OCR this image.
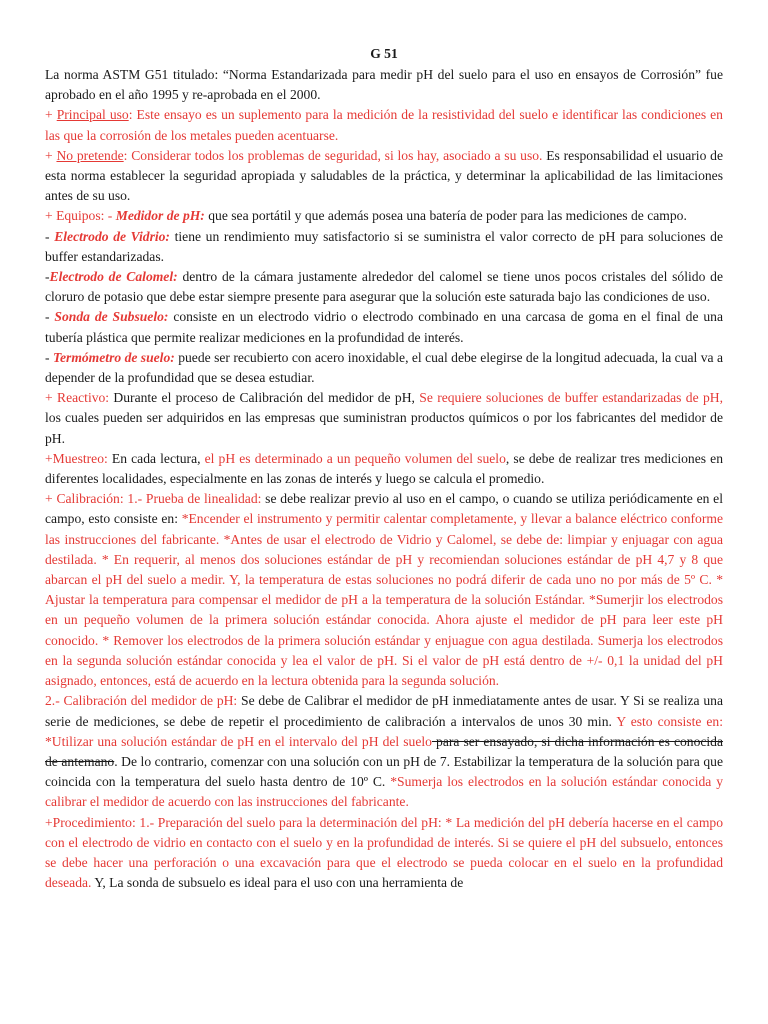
G 51

La norma ASTM G51 titulado: “Norma Estandarizada para medir pH del suelo para el uso en ensayos de Corrosión” fue aprobado en el año 1995 y re-aprobada en el 2000.

+ Principal uso: Este ensayo es un suplemento para la medición de la resistividad del suelo e identificar las condiciones en las que la corrosión de los metales pueden acentuarse.

+ No pretende: Considerar todos los problemas de seguridad, si los hay, asociado a su uso. Es responsabilidad el usuario de esta norma establecer la seguridad apropiada y saludables de la práctica, y determinar la aplicabilidad de las limitaciones antes de su uso.

+ Equipos: - Medidor de pH: que sea portátil y que además posea una batería de poder para las mediciones de campo.

- Electrodo de Vidrio: tiene un rendimiento muy satisfactorio si se suministra el valor correcto de pH para soluciones de buffer estandarizadas.

-Electrodo de Calomel: dentro de la cámara justamente alrededor del calomel se tiene unos pocos cristales del sólido de cloruro de potasio que debe estar siempre presente para asegurar que la solución este saturada bajo las condiciones de uso.

- Sonda de Subsuelo: consiste en un electrodo vidrio o electrodo combinado en una carcasa de goma en el final de una tubería plástica que permite realizar mediciones en la profundidad de interés.

- Termómetro de suelo: puede ser recubierto con acero inoxidable, el cual debe elegirse de la longitud adecuada, la cual va a depender de la profundidad que se desea estudiar.

+ Reactivo: Durante el proceso de Calibración del medidor de pH, Se requiere soluciones de buffer estandarizadas de pH, los cuales pueden ser adquiridos en las empresas que suministran productos químicos o por los fabricantes del medidor de pH.

+Muestreo: En cada lectura, el pH es determinado a un pequeño volumen del suelo, se debe de realizar tres mediciones en diferentes localidades, especialmente en las zonas de interés y luego se calcula el promedio.

+ Calibración: 1.- Prueba de linealidad: se debe realizar previo al uso en el campo, o cuando se utiliza periódicamente en el campo, esto consiste en: *Encender el instrumento y permitir calentar completamente, y llevar a balance eléctrico conforme las instrucciones del fabricante. *Antes de usar el electrodo de Vidrio y Calomel, se debe de: limpiar y enjuagar con agua destilada. * En requerir, al menos dos soluciones estándar de pH y recomiendan soluciones estándar de pH 4,7 y 8 que abarcan el pH del suelo a medir. Y, la temperatura de estas soluciones no podrá diferir de cada uno no por más de 5º C. * Ajustar la temperatura para compensar el medidor de pH a la temperatura de la solución Estándar. *Sumerjir los electrodos en un pequeño volumen de la primera solución estándar conocida. Ahora ajuste el medidor de pH para leer este pH conocido. * Remover los electrodos de la primera solución estándar y enjuague con agua destilada. Sumerja los electrodos en la segunda solución estándar conocida y lea el valor de pH. Si el valor de pH está dentro de +/- 0,1 la unidad del pH asignado, entonces, está de acuerdo en la lectura obtenida para la segunda solución.

2.- Calibración del medidor de pH: Se debe de Calibrar el medidor de pH inmediatamente antes de usar. Y Si se realiza una serie de mediciones, se debe de repetir el procedimiento de calibración a intervalos de unos 30 min. Y esto consiste en: *Utilizar una solución estándar de pH en el intervalo del pH del suelo para ser ensayado, si dicha información es conocida de antemano. De lo contrario, comenzar con una solución con un pH de 7. Estabilizar la temperatura de la solución para que coincida con la temperatura del suelo hasta dentro de 10º C. *Sumerja los electrodos en la solución estándar conocida y calibrar el medidor de acuerdo con las instrucciones del fabricante.

+Procedimiento: 1.- Preparación del suelo para la determinación del pH: * La medición del pH debería hacerse en el campo con el electrodo de vidrio en contacto con el suelo y en la profundidad de interés. Si se quiere el pH del subsuelo, entonces se debe hacer una perforación o una excavación para que el electrodo se pueda colocar en el suelo en la profundidad deseada. Y, La sonda de subsuelo es ideal para el uso con una herramienta de
